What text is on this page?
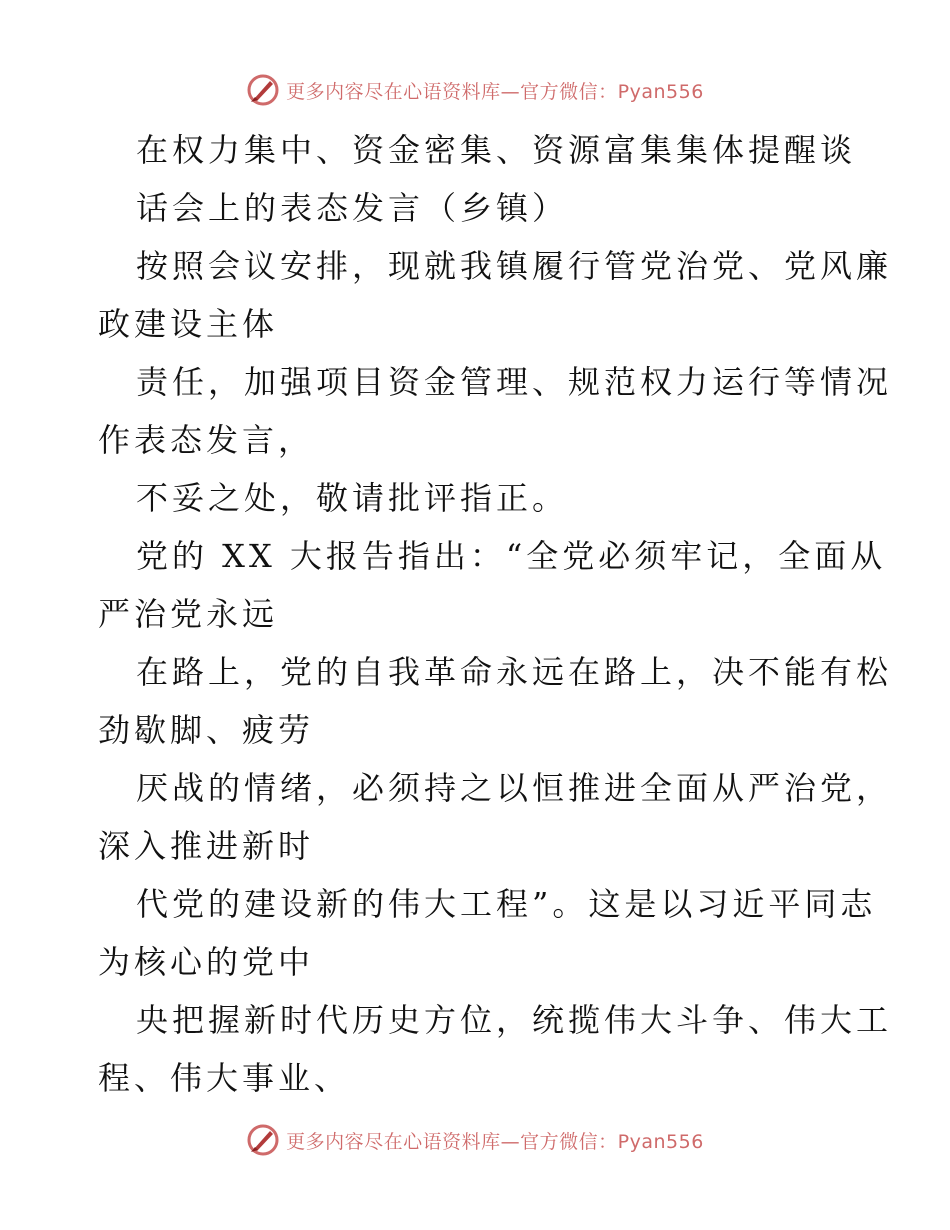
更多内容尽在心语资料库—官方微信：Pyan556
在权力集中、资金密集、资源富集集体提醒谈
话会上的表态发言（乡镇）
按照会议安排，现就我镇履行管党治党、党风廉
政建设主体
责任，加强项目资金管理、规范权力运行等情况
作表态发言，
不妥之处，敬请批评指正。
党的 XX 大报告指出：“全党必须牢记，全面从
严治党永远
在路上，党的自我革命永远在路上，决不能有松
劲歇脚、疲劳
厌战的情绪，必须持之以恒推进全面从严治党，
深入推进新时
代党的建设新的伟大工程”。这是以习近平同志
为核心的党中
央把握新时代历史方位，统揽伟大斗争、伟大工
程、伟大事业、
更多内容尽在心语资料库—官方微信：Pyan556
